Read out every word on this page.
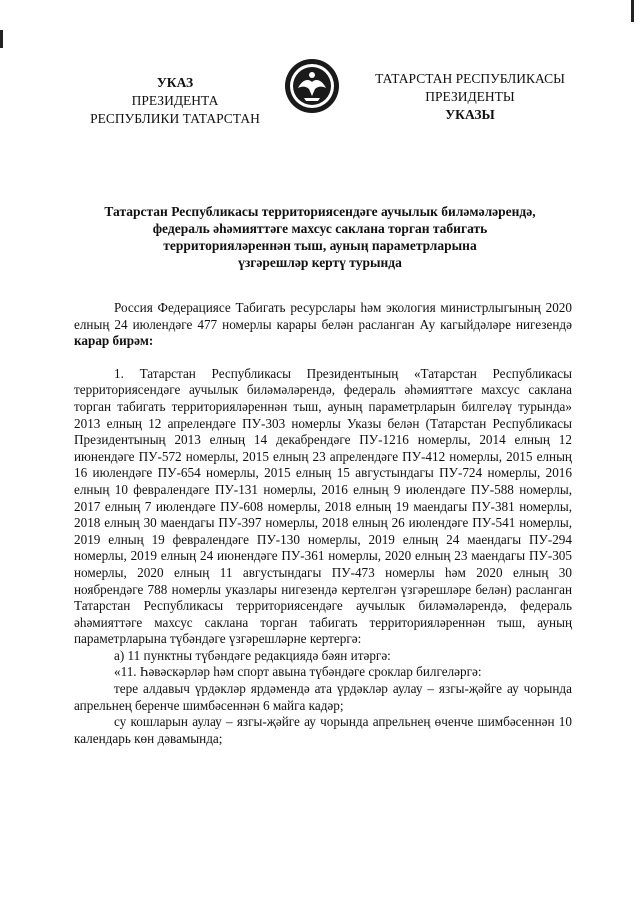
УКАЗ
ПРЕЗИДЕНТА
РЕСПУБЛИКИ ТАТАРСТАН
ТАТАРСТАН РЕСПУБЛИКАСЫ
ПРЕЗИДЕНТЫ
УКАЗЫ
Татарстан Республикасы территориясендәге аучылык биләмәләрендә,
федераль әһәмияттәге махсус саклана торган табигать
территорияләреннән тыш, ауның параметрларына
үзгәрешләр кертү турында

Россия Федерациясе Табигать ресурслары һәм экология министрлыгының 2020 елның 24 июлендәге 477 номерлы карары белән расланган Ау кагыйдәләре нигезендә карар бирәм:

1. Татарстан Республикасы Президентының «Татарстан Республикасы территориясендәге аучылык биләмәләрендә, федераль әһәмияттәге махсус саклана торган табигать территорияләреннән тыш, ауның параметрларын билгеләү турында» 2013 елның 12 апрелендәге ПУ-303 номерлы Указы белән (Татарстан Республикасы Президентының 2013 елның 14 декабрендәге ПУ-1216 номерлы, 2014 елның 12 июнендәге ПУ-572 номерлы, 2015 елның 23 апрелендәге ПУ-412 номерлы, 2015 елның 16 июлендәге ПУ-654 номерлы, 2015 елның 15 августындагы ПУ-724 номерлы, 2016 елның 10 февралендәге ПУ-131 номерлы, 2016 елның 9 июлендәге ПУ-588 номерлы, 2017 елның 7 июлендәге ПУ-608 номерлы, 2018 елның 19 маендагы ПУ-381 номерлы, 2018 елның 30 маендагы ПУ-397 номерлы, 2018 елның 26 июлендәге ПУ-541 номерлы, 2019 елның 19 февралендәге ПУ-130 номерлы, 2019 елның 24 маендагы ПУ-294 номерлы, 2019 елның 24 июнендәге ПУ-361 номерлы, 2020 елның 23 маендагы ПУ-305 номерлы, 2020 елның 11 августындагы ПУ-473 номерлы һәм 2020 елның 30 ноябрендәге 788 номерлы указлары нигезендә кертелгән үзгәрешләре белән) расланган Татарстан Республикасы территориясендәге аучылык биләмәләрендә, федераль әһәмияттәге махсус саклана торган табигать территорияләреннән тыш, ауның параметрларына түбәндәге үзгәрешләрне кертергә:

а) 11 пунктны түбәндәге редакциядә бәян итәргә:

«11. Һәвәскәрләр һәм спорт авына түбәндәге сроклар билгеләргә:

тере алдавыч үрдәкләр ярдәмендә ата үрдәкләр аулау – язгы-җәйге ау чорында апрельнең беренче шимбәсеннән 6 майга кадәр;

су кошларын аулау – язгы-җәйге ау чорында апрельнең өченче шимбәсеннән 10 календарь көн дәвамында;
